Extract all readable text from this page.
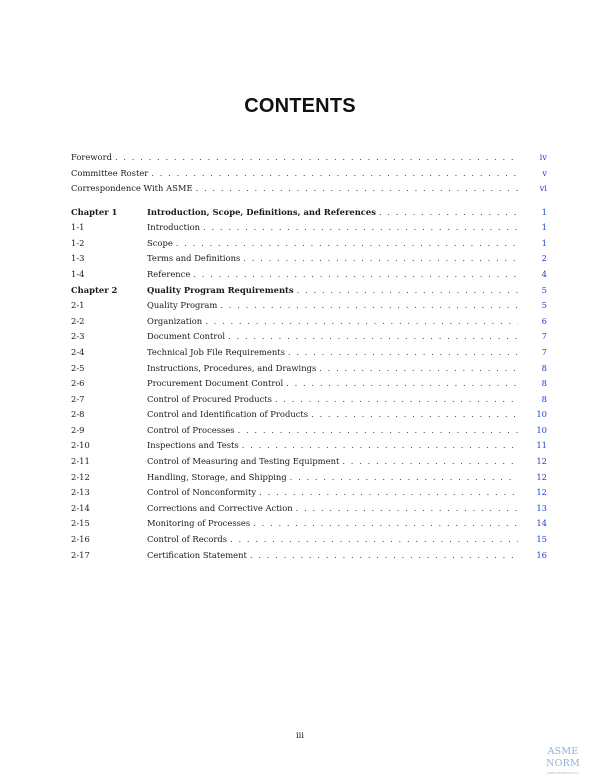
CONTENTS
Foreword . . .	iv
Committee Roster . . .	v
Correspondence With ASME . . .	vi
Chapter 1	Introduction, Scope, Definitions, and References . . .	1
1-1	Introduction . . .	1
1-2	Scope . . .	1
1-3	Terms and Definitions . . .	2
1-4	Reference . . .	4
Chapter 2	Quality Program Requirements . . .	5
2-1	Quality Program . . .	5
2-2	Organization . . .	6
2-3	Document Control . . .	7
2-4	Technical Job File Requirements . . .	7
2-5	Instructions, Procedures, and Drawings . . .	8
2-6	Procurement Document Control . . .	8
2-7	Control of Procured Products . . .	8
2-8	Control and Identification of Products . . .	10
2-9	Control of Processes . . .	10
2-10	Inspections and Tests . . .	11
2-11	Control of Measuring and Testing Equipment . . .	12
2-12	Handling, Storage, and Shipping . . .	12
2-13	Control of Nonconformity . . .	12
2-14	Corrections and Corrective Action . . .	13
2-15	Monitoring of Processes . . .	14
2-16	Control of Records . . .	15
2-17	Certification Statement . . .	16
iii
ASME NORM
www.asmenorm.ir
